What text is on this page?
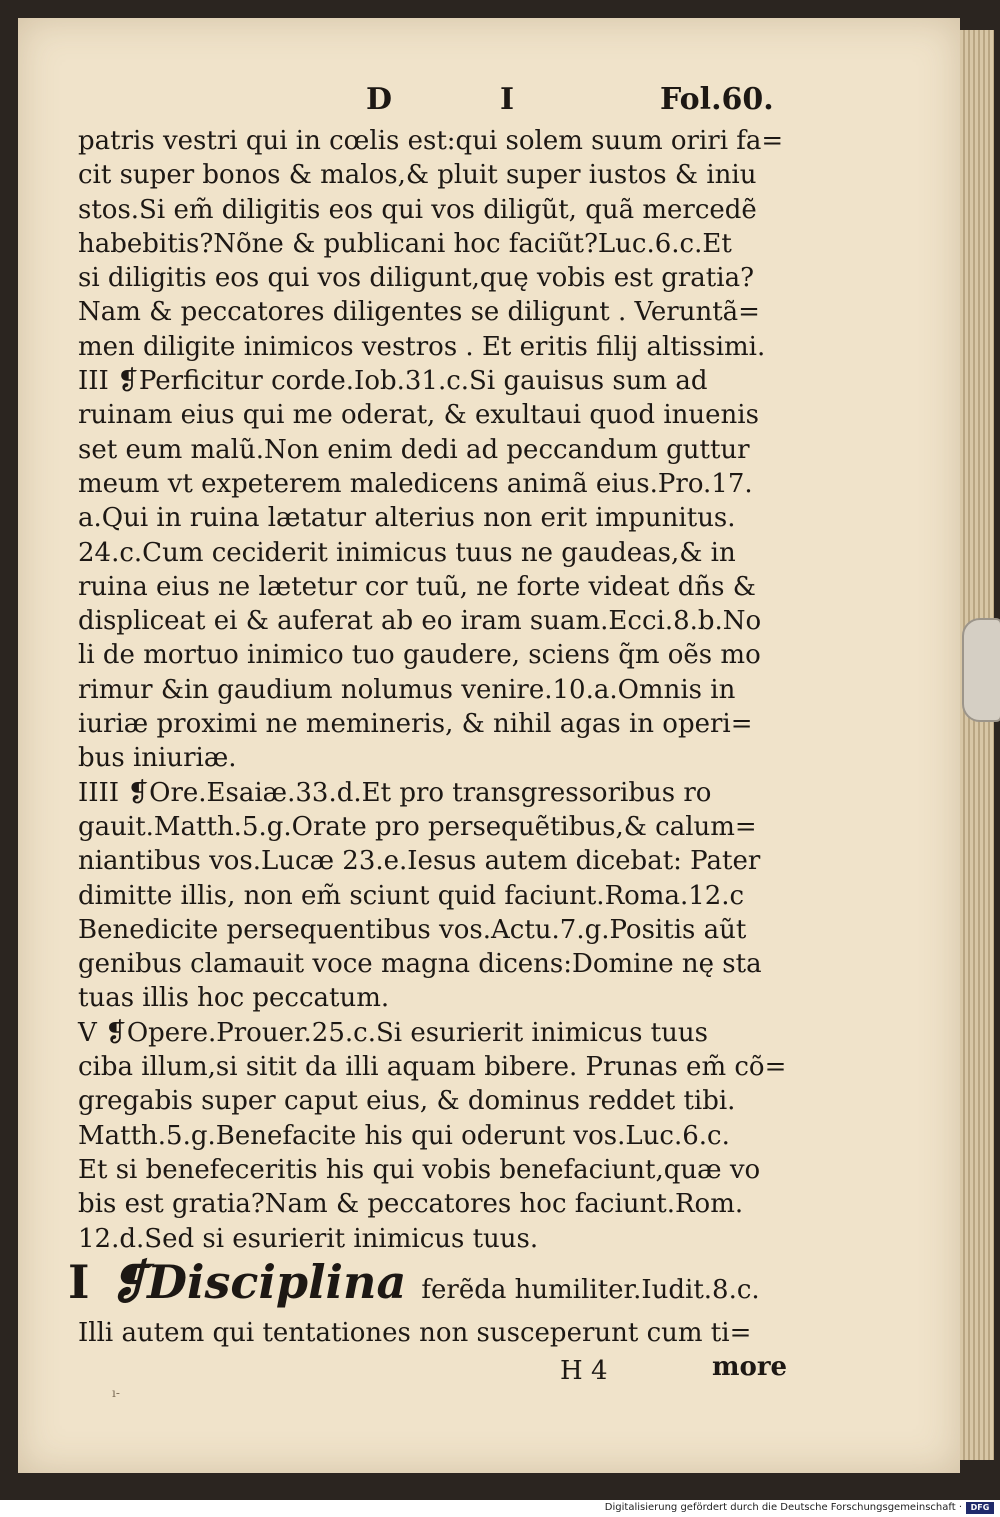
D	I	Fol.60.
patris vestri qui in cœlis est:qui solem suum oriri fa=
cit super bonos & malos,& pluit super iustos & iniu
stos.Si em̃ diligitis eos qui vos diligũt, quã mercedẽ
habebitis?Nõne & publicani hoc faciũt?Luc.6.c.Et
si diligitis eos qui vos diligunt,quę vobis est gratia?
Nam & peccatores diligentes se diligunt . Veruntã=
men diligite inimicos vestros . Et eritis filij altissimi.
III ❡Perficitur corde.Iob.31.c.Si gauisus sum ad
ruinam eius qui me oderat, & exultaui quod inuenis
set eum malũ.Non enim dedi ad peccandum guttur
meum vt expeterem maledicens animã eius.Pro.17.
a.Qui in ruina lætatur alterius non erit impunitus.
24.c.Cum ceciderit inimicus tuus ne gaudeas,& in
ruina eius ne lætetur cor tuũ, ne forte videat dñs &
displiceat ei & auferat ab eo iram suam.Ecci.8.b.No
li de mortuo inimico tuo gaudere, sciens q̃m oẽs mo
rimur &in gaudium nolumus venire.10.a.Omnis in
iuriæ proximi ne memineris, & nihil agas in operi=
bus iniuriæ.
IIII ❡Ore.Esaiæ.33.d.Et pro transgressoribus ro
gauit.Matth.5.g.Orate pro persequẽtibus,& calum=
niantibus vos.Lucæ 23.e.Iesus autem dicebat: Pater
dimitte illis, non em̃ sciunt quid faciunt.Roma.12.c
Benedicite persequentibus vos.Actu.7.g.Positis aũt
genibus clamauit voce magna dicens:Domine nę sta
tuas illis hoc peccatum.
V ❡Opere.Prouer.25.c.Si esurierit inimicus tuus
ciba illum,si sitit da illi aquam bibere. Prunas em̃ cõ=
gregabis super caput eius, & dominus reddet tibi.
Matth.5.g.Benefacite his qui oderunt vos.Luc.6.c.
Et si benefeceritis his qui vobis benefaciunt,quæ vo
bis est gratia?Nam & peccatores hoc faciunt.Rom.
12.d.Sed si esurierit inimicus tuus.
I ❡Disciplina ferẽda humiliter.Iudit.8.c.
Illi autem qui tentationes non susceperunt cum ti=
H 4	more
ı-
Digitalisierung gefördert durch die Deutsche Forschungsgemeinschaft ·	DFG
